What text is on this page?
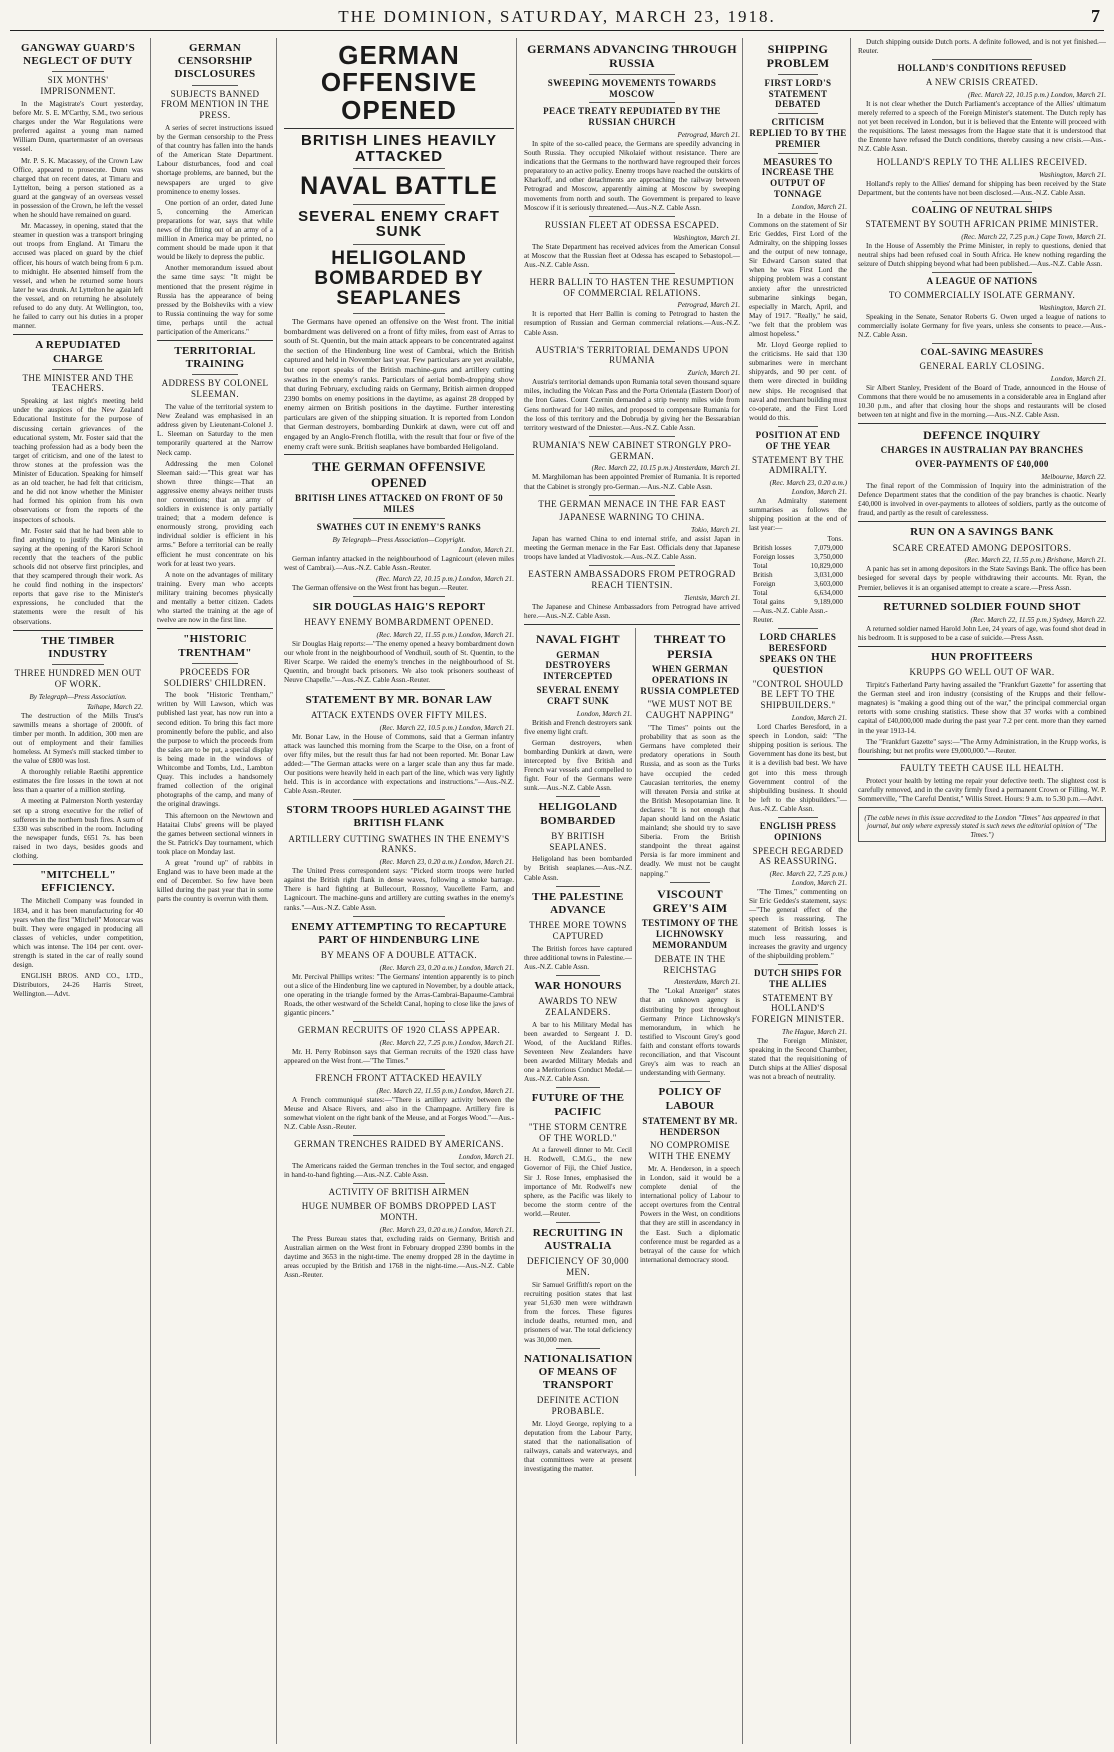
THE DOMINION, SATURDAY, MARCH 23, 1918.	7
GANGWAY GUARD'S NEGLECT OF DUTY
SIX MONTHS' IMPRISONMENT.

In the Magistrate's Court yesterday, before Mr. S. E. M'Carthy, S.M., two serious charges under the War Regulations were preferred against a young man named William Dunn, quartermaster of an overseas vessel.

Mr. P. S. K. Macassey, of the Crown Law Office, appeared to prosecute. Dunn was charged that on recent dates, at Timaru and Lyttelton, being a person stationed as a guard at the gangway of an overseas vessel in possession of the Crown, he left the vessel when he should have remained on guard.

Mr. Macassey, in opening, stated that the steamer in question was a transport bringing out troops from England. At Timaru the accused was placed on guard by the chief officer, his hours of watch being from 6 p.m. to midnight. He absented himself from the vessel, and when he returned some hours later he was drunk. At Lyttelton he again left the vessel, and on returning he absolutely refused to do any duty. At Wellington, too, he failed to carry out his duties in a proper manner.

A REPUDIATED CHARGE
THE MINISTER AND THE TEACHERS.

Speaking at last night's meeting held under the auspices of the New Zealand Educational Institute for the purpose of discussing certain grievances of the educational system, Mr. Foster said that the teaching profession had as a body been the target of criticism, and one of the latest to throw stones at the profession was the Minister of Education. Speaking for himself as an old teacher, he had felt that criticism, and he did not know whether the Minister had formed his opinion from his own observations or from the reports of the inspectors of schools.

Mr. Foster said that he had been able to find anything to justify the Minister in saying at the opening of the Karori School recently that the teachers of the public schools did not observe first principles, and that they scampered through their work. As he could find nothing in the inspectors' reports that gave rise to the Minister's expressions, he concluded that the statements were the result of his observations.

THE TIMBER INDUSTRY
THREE HUNDRED MEN OUT OF WORK.
By Telegraph—Press Association.
Taihape, March 22.

The destruction of the Mills Trust's sawmills means a shortage of 2000ft. of timber per month. In addition, 300 men are out of employment and their families homeless. At Symes's mill stacked timber to the value of £800 was lost.

A thoroughly reliable Raetihi apprentice estimates the fire losses in the town at not less than a quarter of a million sterling.

A meeting at Palmerston North yesterday set up a strong executive for the relief of sufferers in the northern bush fires. A sum of £330 was subscribed in the room. Including the newspaper funds, £651 7s. has been raised in two days, besides goods and clothing.

"MITCHELL" EFFICIENCY.

The Mitchell Company was founded in 1834, and it has been manufacturing for 40 years when the first "Mitchell" Motorcar was built. They were engaged in producing all classes of vehicles, under competition, which was intense. The 104 per cent. over-strength is stated in the car of really sound design.

ENGLISH BROS. AND CO., LTD., Distributors, 24-26 Harris Street, Wellington.—Advt.

GERMAN CENSORSHIP DISCLOSURES
SUBJECTS BANNED FROM MENTION IN THE PRESS.

A series of secret instructions issued by the German censorship to the Press of that country has fallen into the hands of the American State Department. Labour disturbances, food and coal shortage problems, are banned, but the newspapers are urged to give prominence to enemy losses.

One portion of an order, dated June 5, concerning the American preparations for war, says that while news of the fitting out of an army of a million in America may be printed, no comment should be made upon it that would be likely to depress the public.

Another memorandum issued about the same time says: "It might be mentioned that the present régime in Russia has the appearance of being pressed by the Bolsheviks with a view to Russia continuing the way for some time, perhaps until the actual participation of the Americans."

TERRITORIAL TRAINING
ADDRESS BY COLONEL SLEEMAN.

The value of the territorial system to New Zealand was emphasised in an address given by Lieutenant-Colonel J. L. Sleeman on Saturday to the men temporarily quartered at the Narrow Neck camp.

Addressing the men Colonel Sleeman said:—"This great war has shown three things:—That an aggressive enemy always neither trusts nor conventions; that an army of soldiers in existence is only partially trained; that a modern defence is enormously strong, providing each individual soldier is efficient in his arms." Before a territorial can be really efficient he must concentrate on his work for at least two years.

A note on the advantages of military training. Every man who accepts military training becomes physically and mentally a better citizen. Cadets who started the training at the age of twelve are now in the first line.

"HISTORIC TRENTHAM"
PROCEEDS FOR SOLDIERS' CHILDREN.

The book "Historic Trentham," written by Will Lawson, which was published last year, has now run into a second edition. To bring this fact more prominently before the public, and also the purpose to which the proceeds from the sales are to be put, a special display is being made in the windows of Whitcombe and Tombs, Ltd., Lambton Quay. This includes a handsomely framed collection of the original photographs of the camp, and many of the original drawings.

This afternoon on the Newtown and Hataitai Clubs' greens will be played the games between sectional winners in the St. Patrick's Day tournament, which took place on Monday last.

A great "round up" of rabbits in England was to have been made at the end of December. So few have been killed during the past year that in some parts the country is overrun with them.

GERMAN OFFENSIVE OPENED
BRITISH LINES HEAVILY ATTACKED
NAVAL BATTLE
SEVERAL ENEMY CRAFT SUNK
HELIGOLAND BOMBARDED BY SEAPLANES

The Germans have opened an offensive on the West front. The initial bombardment was delivered on a front of fifty miles, from east of Arras to south of St. Quentin, but the main attack appears to be concentrated against the section of the Hindenburg line west of Cambrai, which the British captured and held in November last year. Few particulars are yet available, but one report speaks of the British machine-guns and artillery cutting swathes in the enemy's ranks. Particulars of aerial bomb-dropping show that during February, excluding raids on Germany, British airmen dropped 2390 bombs on enemy positions in the daytime, as against 28 dropped by enemy airmen on British positions in the daytime. Further interesting particulars are given of the shipping situation. It is reported from London that German destroyers, bombarding Dunkirk at dawn, were cut off and engaged by an Anglo-French flotilla, with the result that four or five of the enemy craft were sunk. British seaplanes have bombarded Heligoland.

THE GERMAN OFFENSIVE OPENED
BRITISH LINES ATTACKED ON FRONT OF 50 MILES
SWATHES CUT IN ENEMY'S RANKS
By Telegraph—Press Association—Copyright.
London, March 21.

German infantry attacked in the neighbourhood of Lagnicourt (eleven miles west of Cambrai).—Aus.-N.Z. Cable Assn.-Reuter.

(Rec. March 22, 10.15 p.m.) London, March 21.

The German offensive on the West front has begun.—Reuter.

SIR DOUGLAS HAIG'S REPORT
HEAVY ENEMY BOMBARDMENT OPENED.
(Rec. March 22, 11.55 p.m.) London, March 21.

Sir Douglas Haig reports:—"The enemy opened a heavy bombardment down our whole front in the neighbourhood of Vendhuil, south of St. Quentin, to the River Scarpe. We raided the enemy's trenches in the neighbourhood of St. Quentin, and brought back prisoners. We also took prisoners southeast of Neuve Chapelle."—Aus.-N.Z. Cable Assn.-Reuter.

STATEMENT BY MR. BONAR LAW
ATTACK EXTENDS OVER FIFTY MILES.
(Rec. March 22, 10.5 p.m.) London, March 21.

Mr. Bonar Law, in the House of Commons, said that a German infantry attack was launched this morning from the Scarpe to the Oise, on a front of over fifty miles, but the result thus far had not been reported. Mr. Bonar Law added:—"The German attacks were on a larger scale than any thus far made. Our positions were heavily held in each part of the line, which was very lightly held. This is in accordance with expectations and instructions."—Aus.-N.Z. Cable Assn.-Reuter.

STORM TROOPS HURLED AGAINST THE BRITISH FLANK
ARTILLERY CUTTING SWATHES IN THE ENEMY'S RANKS.
(Rec. March 23, 0.20 a.m.) London, March 21.

The United Press correspondent says: "Picked storm troops were hurled against the British right flank in dense waves, following a smoke barrage. There is hard fighting at Bullecourt, Rossnoy, Vaucellette Farm, and Lagnicourt. The machine-guns and artillery are cutting swathes in the enemy's ranks."—Aus.-N.Z. Cable Assn.

ENEMY ATTEMPTING TO RECAPTURE PART OF HINDENBURG LINE
BY MEANS OF A DOUBLE ATTACK.
(Rec. March 23, 0.20 a.m.) London, March 21.

Mr. Percival Phillips writes: "The Germans' intention apparently is to pinch out a slice of the Hindenburg line we captured in November, by a double attack, one operating in the triangle formed by the Arras-Cambrai-Bapaume-Cambrai Roads, the other westward of the Scheldt Canal, hoping to close like the jaws of gigantic pincers."

GERMAN RECRUITS OF 1920 CLASS APPEAR.
(Rec. March 22, 7.25 p.m.) London, March 21.

Mr. H. Perry Robinson says that German recruits of the 1920 class have appeared on the West front.—"The Times."

FRENCH FRONT ATTACKED HEAVILY
(Rec. March 22, 11.55 p.m.) London, March 21.

A French communiqué states:—"There is artillery activity between the Meuse and Alsace Rivers, and also in the Champagne. Artillery fire is somewhat violent on the right bank of the Meuse, and at Forges Wood."—Aus.-N.Z. Cable Assn.-Reuter.

GERMAN TRENCHES RAIDED BY AMERICANS.
London, March 21.

The Americans raided the German trenches in the Toul sector, and engaged in hand-to-hand fighting.—Aus.-N.Z. Cable Assn.

ACTIVITY OF BRITISH AIRMEN
HUGE NUMBER OF BOMBS DROPPED LAST MONTH.
(Rec. March 23, 0.20 a.m.) London, March 21.

The Press Bureau states that, excluding raids on Germany, British and Australian airmen on the West front in February dropped 2390 bombs in the daytime and 3653 in the night-time. The enemy dropped 28 in the daytime in areas occupied by the British and 1768 in the night-time.—Aus.-N.Z. Cable Assn.-Reuter.

GERMANS ADVANCING THROUGH RUSSIA
SWEEPING MOVEMENTS TOWARDS MOSCOW
PEACE TREATY REPUDIATED BY THE RUSSIAN CHURCH
Petrograd, March 21.

In spite of the so-called peace, the Germans are speedily advancing in South Russia. They occupied Nikolaief without resistance. There are indications that the Germans to the northward have regrouped their forces preparatory to an active policy. Enemy troops have reached the outskirts of Kharkoff, and other detachments are approaching the railway between Petrograd and Moscow, apparently aiming at Moscow by sweeping movements from north and south. The Government is prepared to leave Moscow if it is seriously threatened.—Aus.-N.Z. Cable Assn.

RUSSIAN FLEET AT ODESSA ESCAPED.
Washington, March 21.

The State Department has received advices from the American Consul at Moscow that the Russian fleet at Odessa has escaped to Sebastopol.—Aus.-N.Z. Cable Assn.

HERR BALLIN TO HASTEN THE RESUMPTION OF COMMERCIAL RELATIONS.
Petrograd, March 21.

It is reported that Herr Ballin is coming to Petrograd to hasten the resumption of Russian and German commercial relations.—Aus.-N.Z. Cable Assn.

AUSTRIA'S TERRITORIAL DEMANDS UPON RUMANIA
Zurich, March 21.

Austria's territorial demands upon Rumania total seven thousand square miles, including the Volcan Pass and the Porta Orientala (Eastern Door) of the Iron Gates. Count Czernin demanded a strip twenty miles wide from Gens northward for 140 miles, and proposed to compensate Rumania for the loss of this territory and the Dobrudja by giving her the Bessarabian territory westward of the Dniester.—Aus.-N.Z. Cable Assn.

RUMANIA'S NEW CABINET STRONGLY PRO-GERMAN.
(Rec. March 22, 10.15 p.m.) Amsterdam, March 21.

M. Marghiloman has been appointed Premier of Rumania. It is reported that the Cabinet is strongly pro-German.—Aus.-N.Z. Cable Assn.

THE GERMAN MENACE IN THE FAR EAST
JAPANESE WARNING TO CHINA.
Tokio, March 21.

Japan has warned China to end internal strife, and assist Japan in meeting the German menace in the Far East. Officials deny that Japanese troops have landed at Vladivostok.—Aus.-N.Z. Cable Assn.

EASTERN AMBASSADORS FROM PETROGRAD REACH TIENTSIN.
Tientsin, March 21.

The Japanese and Chinese Ambassadors from Petrograd have arrived here.—Aus.-N.Z. Cable Assn.

NAVAL FIGHT
GERMAN DESTROYERS INTERCEPTED
SEVERAL ENEMY CRAFT SUNK
London, March 21.

British and French destroyers sank five enemy light craft.

German destroyers, when bombarding Dunkirk at dawn, were intercepted by five British and French war vessels and compelled to fight. Four of the Germans were sunk.—Aus.-N.Z. Cable Assn.

HELIGOLAND BOMBARDED
BY BRITISH SEAPLANES.

Heligoland has been bombarded by British seaplanes.—Aus.-N.Z. Cable Assn.

THE PALESTINE ADVANCE
THREE MORE TOWNS CAPTURED

The British forces have captured three additional towns in Palestine.—Aus.-N.Z. Cable Assn.

WAR HONOURS
AWARDS TO NEW ZEALANDERS.

A bar to his Military Medal has been awarded to Sergeant J. D. Wood, of the Auckland Rifles. Seventeen New Zealanders have been awarded Military Medals and one a Meritorious Conduct Medal.—Aus.-N.Z. Cable Assn.

FUTURE OF THE PACIFIC
"THE STORM CENTRE OF THE WORLD."

At a farewell dinner to Mr. Cecil H. Rodwell, C.M.G., the new Governor of Fiji, the Chief Justice, Sir J. Rose Innes, emphasised the importance of Mr. Rodwell's new sphere, as the Pacific was likely to become the storm centre of the world.—Reuter.

RECRUITING IN AUSTRALIA
DEFICIENCY OF 30,000 MEN.

Sir Samuel Griffith's report on the recruiting position states that last year 51,630 men were withdrawn from the forces. These figures include deaths, returned men, and prisoners of war. The total deficiency was 30,000 men.

NATIONALISATION OF MEANS OF TRANSPORT
DEFINITE ACTION PROBABLE.

Mr. Lloyd George, replying to a deputation from the Labour Party, stated that the nationalisation of railways, canals and waterways, and that committees were at present investigating the matter.

THREAT TO PERSIA
WHEN GERMAN OPERATIONS IN RUSSIA COMPLETED
"WE MUST NOT BE CAUGHT NAPPING"

"The Times" points out the probability that as soon as the Germans have completed their predatory operations in South Russia, and as soon as the Turks have occupied the ceded Caucasian territories, the enemy will threaten Persia and strike at the British Mesopotamian line. It declares: "It is not enough that Japan should land on the Asiatic mainland; she should try to save Siberia. From the British standpoint the threat against Persia is far more imminent and deadly. We must not be caught napping."

VISCOUNT GREY'S AIM
TESTIMONY OF THE LICHNOWSKY MEMORANDUM
DEBATE IN THE REICHSTAG
Amsterdam, March 21.

The "Lokal Anzeiger" states that an unknown agency is distributing by post throughout Germany Prince Lichnowsky's memorandum, in which he testified to Viscount Grey's good faith and constant efforts towards reconciliation, and that Viscount Grey's aim was to reach an understanding with Germany.

POLICY OF LABOUR
STATEMENT BY MR. HENDERSON
NO COMPROMISE WITH THE ENEMY

Mr. A. Henderson, in a speech in London, said it would be a complete denial of the international policy of Labour to accept overtures from the Central Powers in the West, on conditions that they are still in ascendancy in the East. Such a diplomatic conference must be regarded as a betrayal of the cause for which international democracy stood.

SHIPPING PROBLEM
FIRST LORD'S STATEMENT DEBATED
CRITICISM REPLIED TO BY THE PREMIER
MEASURES TO INCREASE THE OUTPUT OF TONNAGE
London, March 21.

In a debate in the House of Commons on the statement of Sir Eric Geddes, First Lord of the Admiralty, on the shipping losses and the output of new tonnage, Sir Edward Carson stated that when he was First Lord the shipping problem was a constant anxiety after the unrestricted submarine sinkings began, especially in March, April, and May of 1917. "Really," he said, "we felt that the problem was almost hopeless."

Mr. Lloyd George replied to the criticisms. He said that 130 submarines were in merchant shipyards, and 90 per cent. of them were directed in building new ships. He recognised that naval and merchant building must co-operate, and the First Lord would do this.

POSITION AT END OF THE YEAR
STATEMENT BY THE ADMIRALTY.
(Rec. March 23, 0.20 a.m.) London, March 21.

An Admiralty statement summarises as follows the shipping position at the end of last year:—

Tons.
British losses	7,079,000
Foreign losses	3,750,000
Total	10,829,000
British	3,031,000
Foreign	3,603,000
Total	6,634,000
Total gains	9,189,000
—Aus.-N.Z. Cable Assn.-Reuter.
LORD CHARLES BERESFORD SPEAKS ON THE QUESTION
"CONTROL SHOULD BE LEFT TO THE SHIPBUILDERS."
London, March 21.

Lord Charles Beresford, in a speech in London, said: "The shipping position is serious. The Government has done its best, but it is a devilish bad best. We have got into this mess through Government control of the shipbuilding business. It should be left to the shipbuilders."—Aus.-N.Z. Cable Assn.

ENGLISH PRESS OPINIONS
SPEECH REGARDED AS REASSURING.
(Rec. March 22, 7.25 p.m.) London, March 21.

"The Times," commenting on Sir Eric Geddes's statement, says:—"The general effect of the speech is reassuring. The statement of British losses is much less reassuring, and increases the gravity and urgency of the shipbuilding problem."

DUTCH SHIPS FOR THE ALLIES
STATEMENT BY HOLLAND'S FOREIGN MINISTER.
The Hague, March 21.

The Foreign Minister, speaking in the Second Chamber, stated that the requisitioning of Dutch ships at the Allies' disposal was not a breach of neutrality.

Dutch shipping outside Dutch ports. A definite followed, and is not yet finished.—Reuter.

HOLLAND'S CONDITIONS REFUSED
A NEW CRISIS CREATED.
(Rec. March 22, 10.15 p.m.) London, March 21.

It is not clear whether the Dutch Parliament's acceptance of the Allies' ultimatum merely referred to a speech of the Foreign Minister's statement. The Dutch reply has not yet been received in London, but it is believed that the Entente will proceed with the requisitions. The latest messages from the Hague state that it is understood that the Entente have refused the Dutch conditions, thereby causing a new crisis.—Aus.-N.Z. Cable Assn.

HOLLAND'S REPLY TO THE ALLIES RECEIVED.
Washington, March 21.

Holland's reply to the Allies' demand for shipping has been received by the State Department, but the contents have not been disclosed.—Aus.-N.Z. Cable Assn.

COALING OF NEUTRAL SHIPS
STATEMENT BY SOUTH AFRICAN PRIME MINISTER.
(Rec. March 22, 7.25 p.m.) Cape Town, March 21.

In the House of Assembly the Prime Minister, in reply to questions, denied that neutral ships had been refused coal in South Africa. He knew nothing regarding the seizure of Dutch shipping beyond what had been published.—Aus.-N.Z. Cable Assn.

A LEAGUE OF NATIONS
TO COMMERCIALLY ISOLATE GERMANY.
Washington, March 21.

Speaking in the Senate, Senator Roberts G. Owen urged a league of nations to commercially isolate Germany for five years, unless she consents to peace.—Aus.-N.Z. Cable Assn.

COAL-SAVING MEASURES
GENERAL EARLY CLOSING.
London, March 21.

Sir Albert Stanley, President of the Board of Trade, announced in the House of Commons that there would be no amusements in a considerable area in England after 10.30 p.m., and after that closing hour the shops and restaurants will be closed between ten at night and five in the morning.—Aus.-N.Z. Cable Assn.

DEFENCE INQUIRY
CHARGES IN AUSTRALIAN PAY BRANCHES
OVER-PAYMENTS OF £40,000
Melbourne, March 22.

The final report of the Commission of Inquiry into the administration of the Defence Department states that the condition of the pay branches is chaotic. Nearly £40,000 is involved in over-payments to allotees of soldiers, partly as the outcome of fraud, and partly as the result of carelessness.

RUN ON A SAVINGS BANK
SCARE CREATED AMONG DEPOSITORS.
(Rec. March 22, 11.55 p.m.) Brisbane, March 21.

A panic has set in among depositors in the State Savings Bank. The office has been besieged for several days by people withdrawing their accounts. Mr. Ryan, the Premier, believes it is an organised attempt to create a scare.—Press Assn.

RETURNED SOLDIER FOUND SHOT
(Rec. March 22, 11.55 p.m.) Sydney, March 22.

A returned soldier named Harold John Lee, 24 years of age, was found shot dead in his bedroom. It is supposed to be a case of suicide.—Press Assn.

HUN PROFITEERS
KRUPPS GO WELL OUT OF WAR.

Tirpitz's Fatherland Party having assailed the "Frankfurt Gazette" for asserting that the German steel and iron industry (consisting of the Krupps and their fellow-magnates) is "making a good thing out of the war," the principal commercial organ retorts with some crushing statistics. These show that 37 works with a combined capital of £40,000,000 made during the past year 7.2 per cent. more than they earned in the year 1913-14.

The "Frankfurt Gazette" says:—"The Army Administration, in the Krupp works, is flourishing; but net profits were £9,000,000."—Reuter.

FAULTY TEETH CAUSE ILL HEALTH.

Protect your health by letting me repair your defective teeth. The slightest cost is carefully removed, and in the cavity firmly fixed a permanent Crown or Filling. W. P. Sommerville, "The Careful Dentist," Willis Street. Hours: 9 a.m. to 5.30 p.m.—Advt.

(The cable news in this issue accredited to the London "Times" has appeared in that journal, but only where expressly stated is such news the editorial opinion of "The Times.")
